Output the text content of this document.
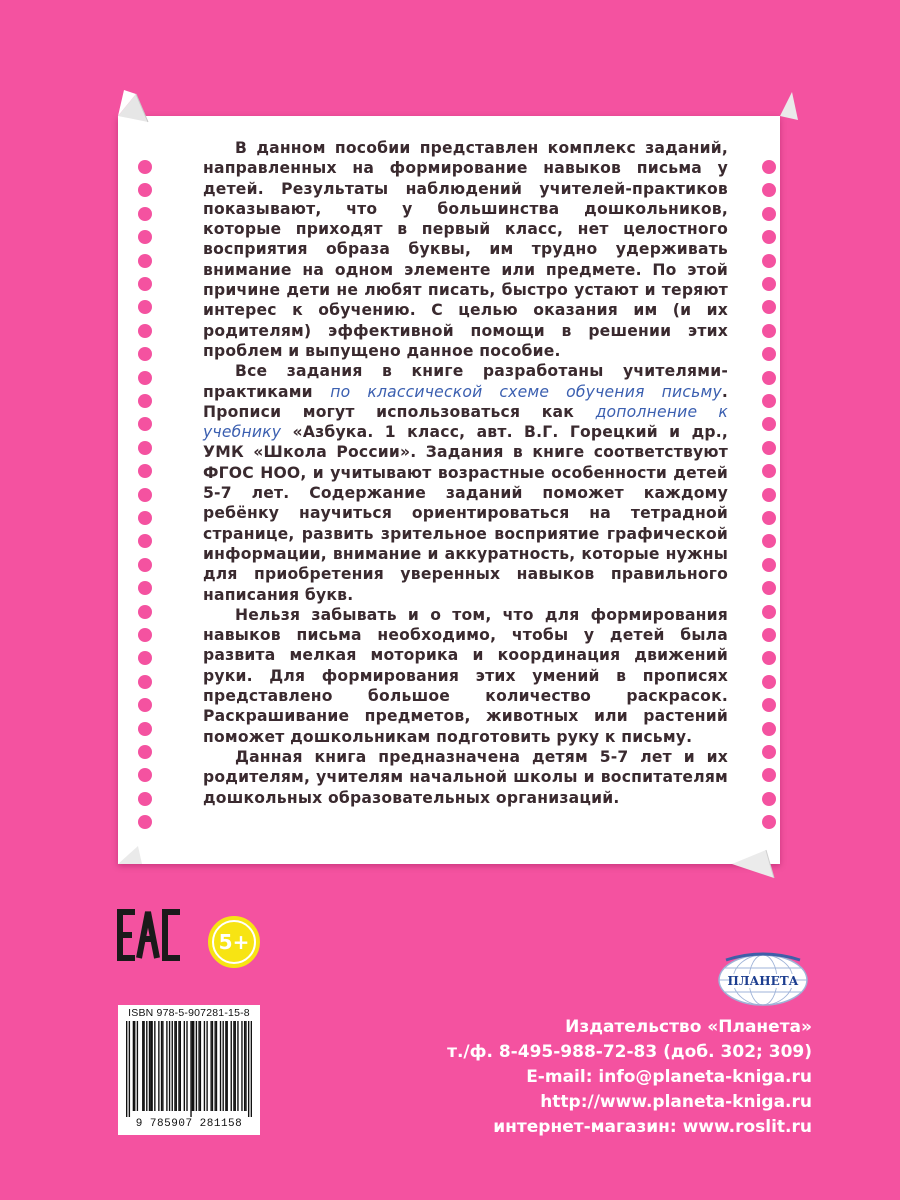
В данном пособии представлен комплекс заданий, направленных на формирование навыков письма у детей. Результаты наблюдений учителей-практиков показывают, что у большинства дошкольников, которые приходят в первый класс, нет целостного восприятия образа буквы, им трудно удерживать внимание на одном элементе или предмете. По этой причине дети не любят писать, быстро устают и теряют интерес к обучению. С целью оказания им (и их родителям) эффективной помощи в решении этих проблем и выпущено данное пособие.

Все задания в книге разработаны учителями-практиками по классической схеме обучения письму. Прописи могут использоваться как дополнение к учебнику «Азбука. 1 класс, авт. В.Г. Горецкий и др., УМК «Школа России». Задания в книге соответствуют ФГОС НОО, и учитывают возрастные особенности детей 5-7 лет. Содержание заданий поможет каждому ребёнку научиться ориентироваться на тетрадной странице, развить зрительное восприятие графической информации, внимание и аккуратность, которые нужны для приобретения уверенных навыков правильного написания букв.

Нельзя забывать и о том, что для формирования навыков письма необходимо, чтобы у детей была развита мелкая моторика и координация движений руки. Для формирования этих умений в прописях представлено большое количество раскрасок. Раскрашивание предметов, животных или растений поможет дошкольникам подготовить руку к письму.

Данная книга предназначена детям 5-7 лет и их родителям, учителям начальной школы и воспитателям дошкольных образовательных организаций.

5+
ISBN 978-5-907281-15-8
9 785907 281158
ПЛАНЕТА
Издательство «Планета»
т./ф. 8-495-988-72-83 (доб. 302; 309)
E-mail: info@planeta-kniga.ru
http://www.planeta-kniga.ru
интернет-магазин: www.roslit.ru
